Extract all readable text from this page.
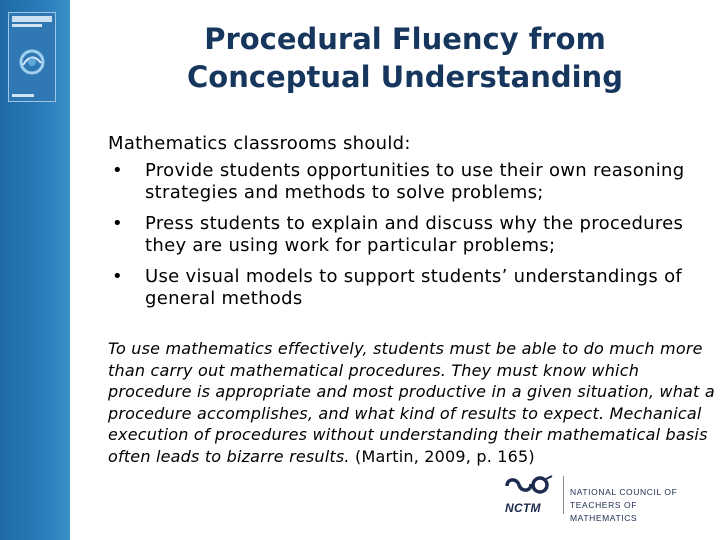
Procedural Fluency from
Conceptual Understanding
Mathematics classrooms should:
• Provide students opportunities to use their own reasoning strategies and methods to solve problems;
• Press students to explain and discuss why the procedures they are using work for particular problems;
• Use visual models to support students’ understandings of general methods
To use mathematics effectively, students must be able to do much more than carry out mathematical procedures. They must know which procedure is appropriate and most productive in a given situation, what a procedure accomplishes, and what kind of results to expect. Mechanical execution of procedures without understanding their mathematical basis often leads to bizarre results. (Martin, 2009, p. 165)
NCTM
NATIONAL COUNCIL OF
TEACHERS OF MATHEMATICS
